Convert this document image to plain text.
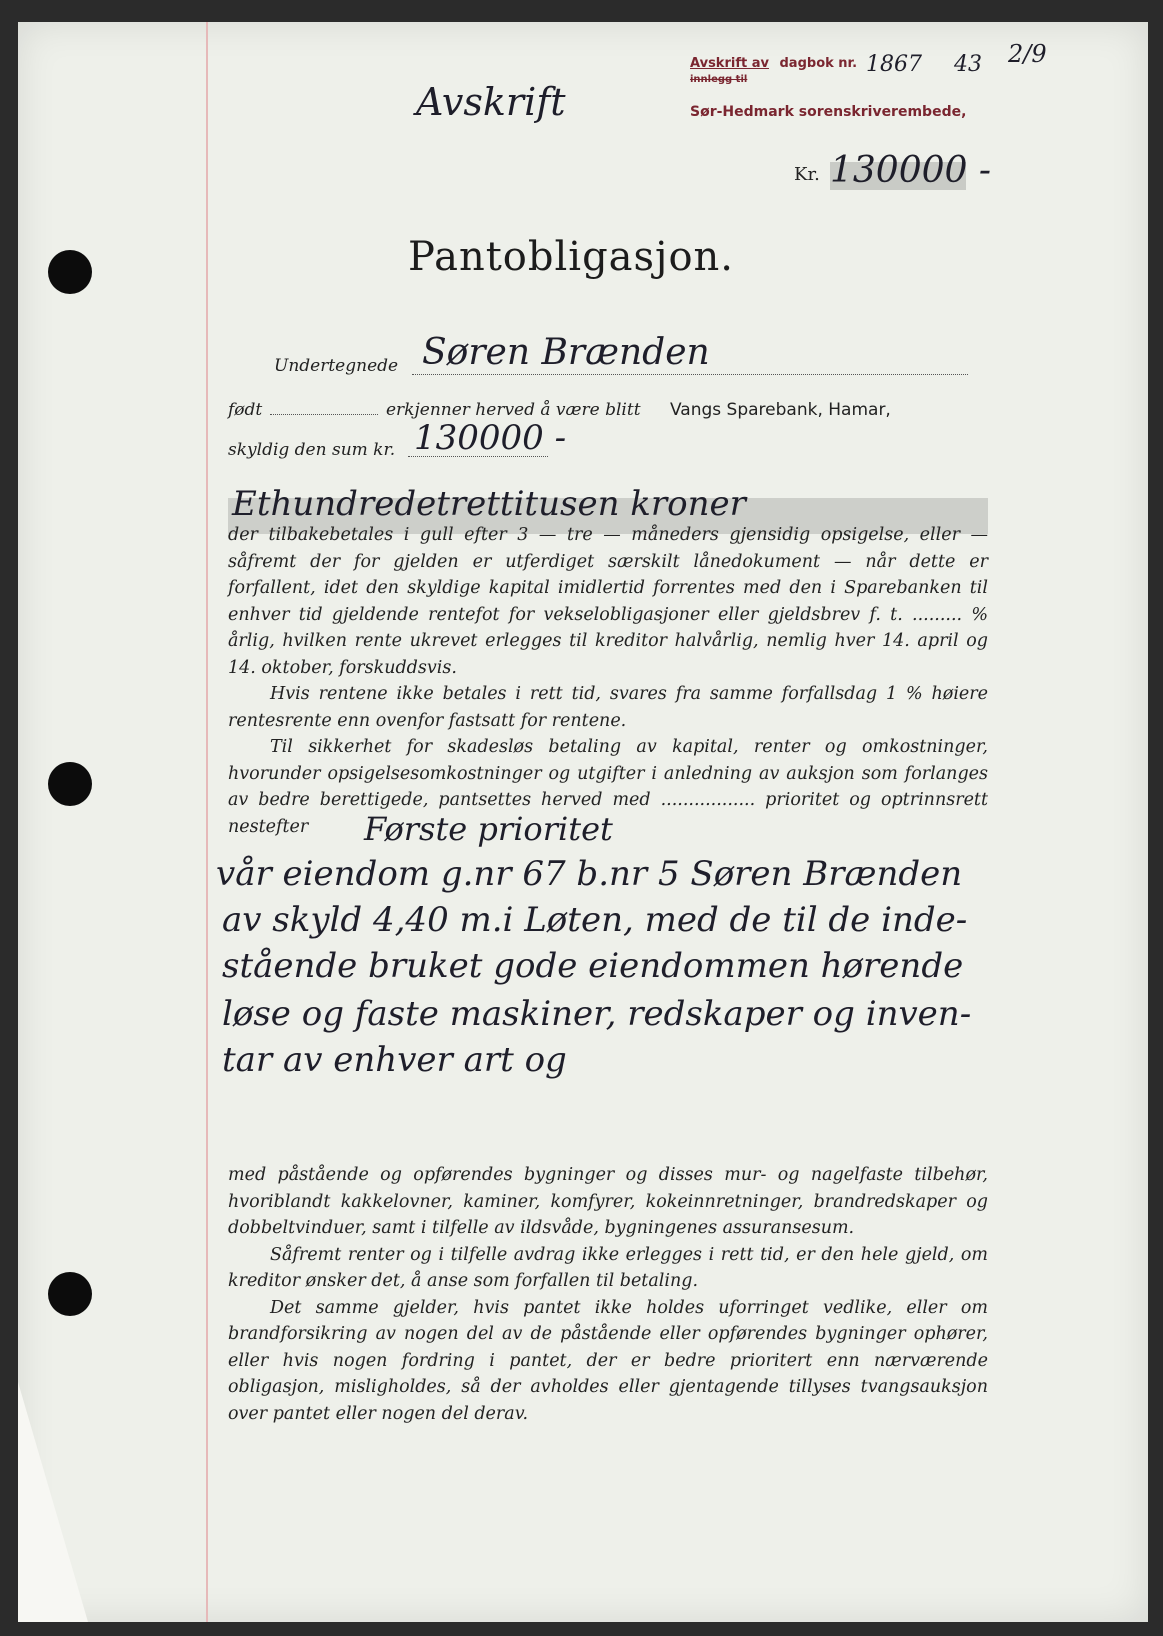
Avskrift av dagbok nr.
innlegg til
1867 43 2/9
Sør-Hedmark sorenskriverembede,
Avskrift
Kr. 130000 -
Pantobligasjon.
Undertegnede Søren Brænden
født	erkjenner herved å være blitt Vangs Sparebank, Hamar,
skyldig den sum kr. 130000 -
Ethundredetrettitusen kroner

der tilbakebetales i gull efter 3 — tre — måneders gjensidig opsigelse, eller — såfremt der for gjelden er utferdiget særskilt lånedokument — når dette er forfallent, idet den skyldige kapital imidlertid forrentes med den i Sparebanken til enhver tid gjeldende rentefot for vekselobligasjoner eller gjeldsbrev f. t. ......... % årlig, hvilken rente ukrevet erlegges til kreditor halvårlig, nemlig hver 14. april og 14. oktober, forskuddsvis.

Hvis rentene ikke betales i rett tid, svares fra samme forfallsdag 1 % høiere rentesrente enn ovenfor fastsatt for rentene.

Til sikkerhet for skadesløs betaling av kapital, renter og omkostninger, hvorunder opsigelsesomkostninger og utgifter i anledning av auksjon som forlanges av bedre berettigede, pantsettes herved med ................. prioritet og optrinnsrett nestefter	Første prioritet
vår eiendom g.nr 67 b.nr 5 Søren Brænden
av skyld 4,40 m.i Løten, med de til de inde-
stående bruket gode eiendommen hørende
løse og faste maskiner, redskaper og inven-
tar av enhver art og

med påstående og opførendes bygninger og disses mur- og nagelfaste tilbehør, hvoriblandt kakkelovner, kaminer, komfyrer, kokeinnretninger, brandredskaper og dobbeltvinduer, samt i tilfelle av ildsvåde, bygningenes assuransesum.

Såfremt renter og i tilfelle avdrag ikke erlegges i rett tid, er den hele gjeld, om kreditor ønsker det, å anse som forfallen til betaling.

Det samme gjelder, hvis pantet ikke holdes uforringet vedlike, eller om brandforsikring av nogen del av de påstående eller opførendes bygninger ophører, eller hvis nogen fordring i pantet, der er bedre prioritert enn nærværende obligasjon, misligholdes, så der avholdes eller gjentagende tillyses tvangsauksjon over pantet eller nogen del derav.
